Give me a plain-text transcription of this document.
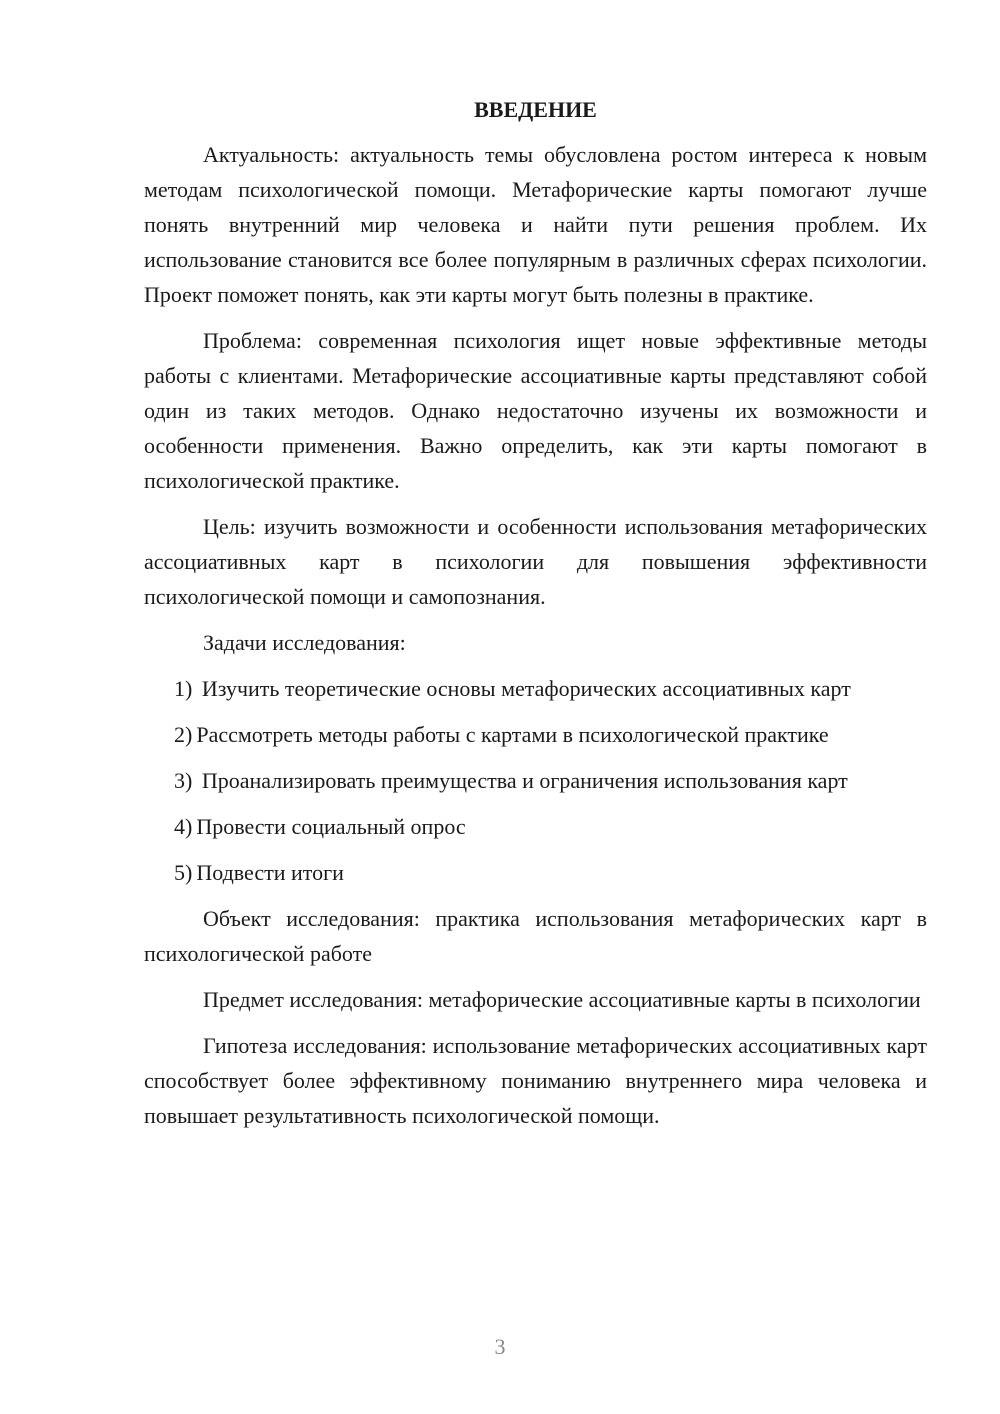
ВВЕДЕНИЕ

Актуальность: актуальность темы обусловлена ростом интереса к новым методам психологической помощи. Метафорические карты помогают лучше понять внутренний мир человека и найти пути решения проблем. Их использование становится все более популярным в различных сферах психологии. Проект поможет понять, как эти карты могут быть полезны в практике.

Проблема: современная психология ищет новые эффективные методы работы с клиентами. Метафорические ассоциативные карты представляют собой один из таких методов. Однако недостаточно изучены их возможности и особенности применения. Важно определить, как эти карты помогают в психологической практике.

Цель: изучить возможности и особенности использования метафорических ассоциативных карт в психологии для повышения эффективности психологической помощи и самопознания.

Задачи исследования:

1) Изучить теоретические основы метафорических ассоциативных карт

2) Рассмотреть методы работы с картами в психологической практике

3) Проанализировать преимущества и ограничения использования карт

4) Провести социальный опрос

5) Подвести итоги

Объект исследования: практика использования метафорических карт в психологической работе

Предмет исследования: метафорические ассоциативные карты в психологии

Гипотеза исследования: использование метафорических ассоциативных карт способствует более эффективному пониманию внутреннего мира человека и повышает результативность психологической помощи.

3
